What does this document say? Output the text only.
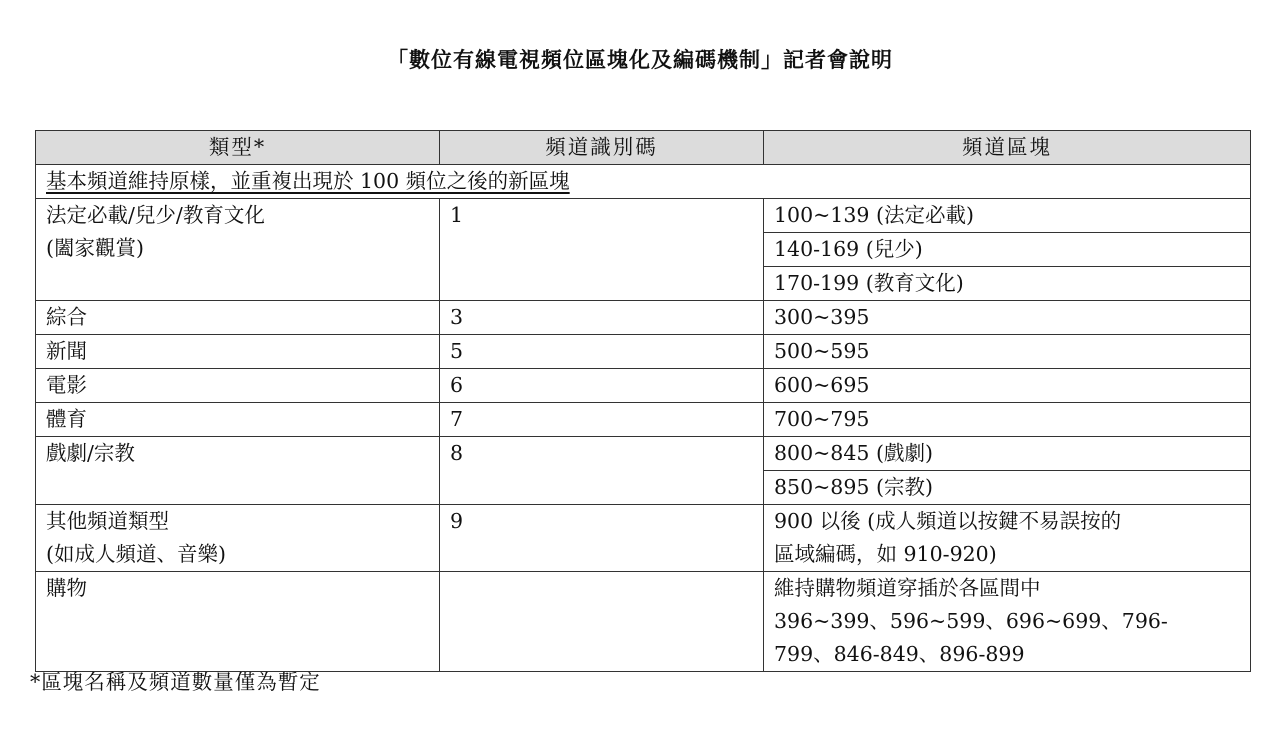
「數位有線電視頻位區塊化及編碼機制」記者會說明
類型*	頻道識別碼	頻道區塊
基本頻道維持原樣，並重複出現於 100 頻位之後的新區塊		

法定必載/兒少/教育文化
(闔家觀賞)	1	100~139 (法定必載)
		140-169 (兒少)
		170-199 (教育文化)
綜合	3	300~395
新聞	5	500~595
電影	6	600~695
體育	7	700~795
戲劇/宗教	8	800~845 (戲劇)
		850~895 (宗教)

其他頻道類型
(如成人頻道、音樂)	9	900 以後 (成人頻道以按鍵不易誤按的
區域編碼，如 910-920)

購物		維持購物頻道穿插於各區間中
396~399、596~599、696~699、796-
799、846-849、896-899
*區塊名稱及頻道數量僅為暫定
